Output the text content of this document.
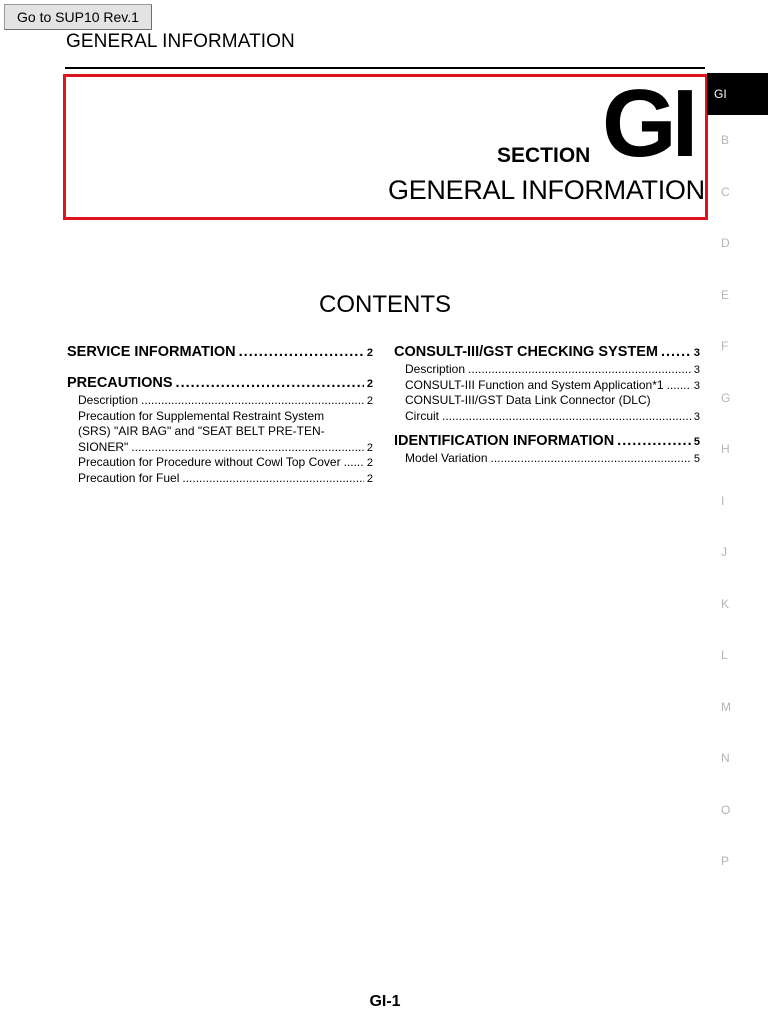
Go to SUP10 Rev.1
GENERAL INFORMATION
SECTION GI
GENERAL INFORMATION
CONTENTS
SERVICE INFORMATION .....	2
PRECAUTIONS .....	2
Description .....	2
Precaution for Supplemental Restraint System
(SRS) "AIR BAG" and "SEAT BELT PRE-TEN-
SIONER" .....	2
Precaution for Procedure without Cowl Top Cover ..... 2
Precaution for Fuel .....	2
CONSULT-III/GST CHECKING SYSTEM .....	3
Description .....	3
CONSULT-III Function and System Application*1 .....	3
CONSULT-III/GST Data Link Connector (DLC)
Circuit .....	3
IDENTIFICATION INFORMATION .....	5
Model Variation .....	5
GI
B
C
D
E
F
G
H
I
J
K
L
M
N
O
P
GI-1
